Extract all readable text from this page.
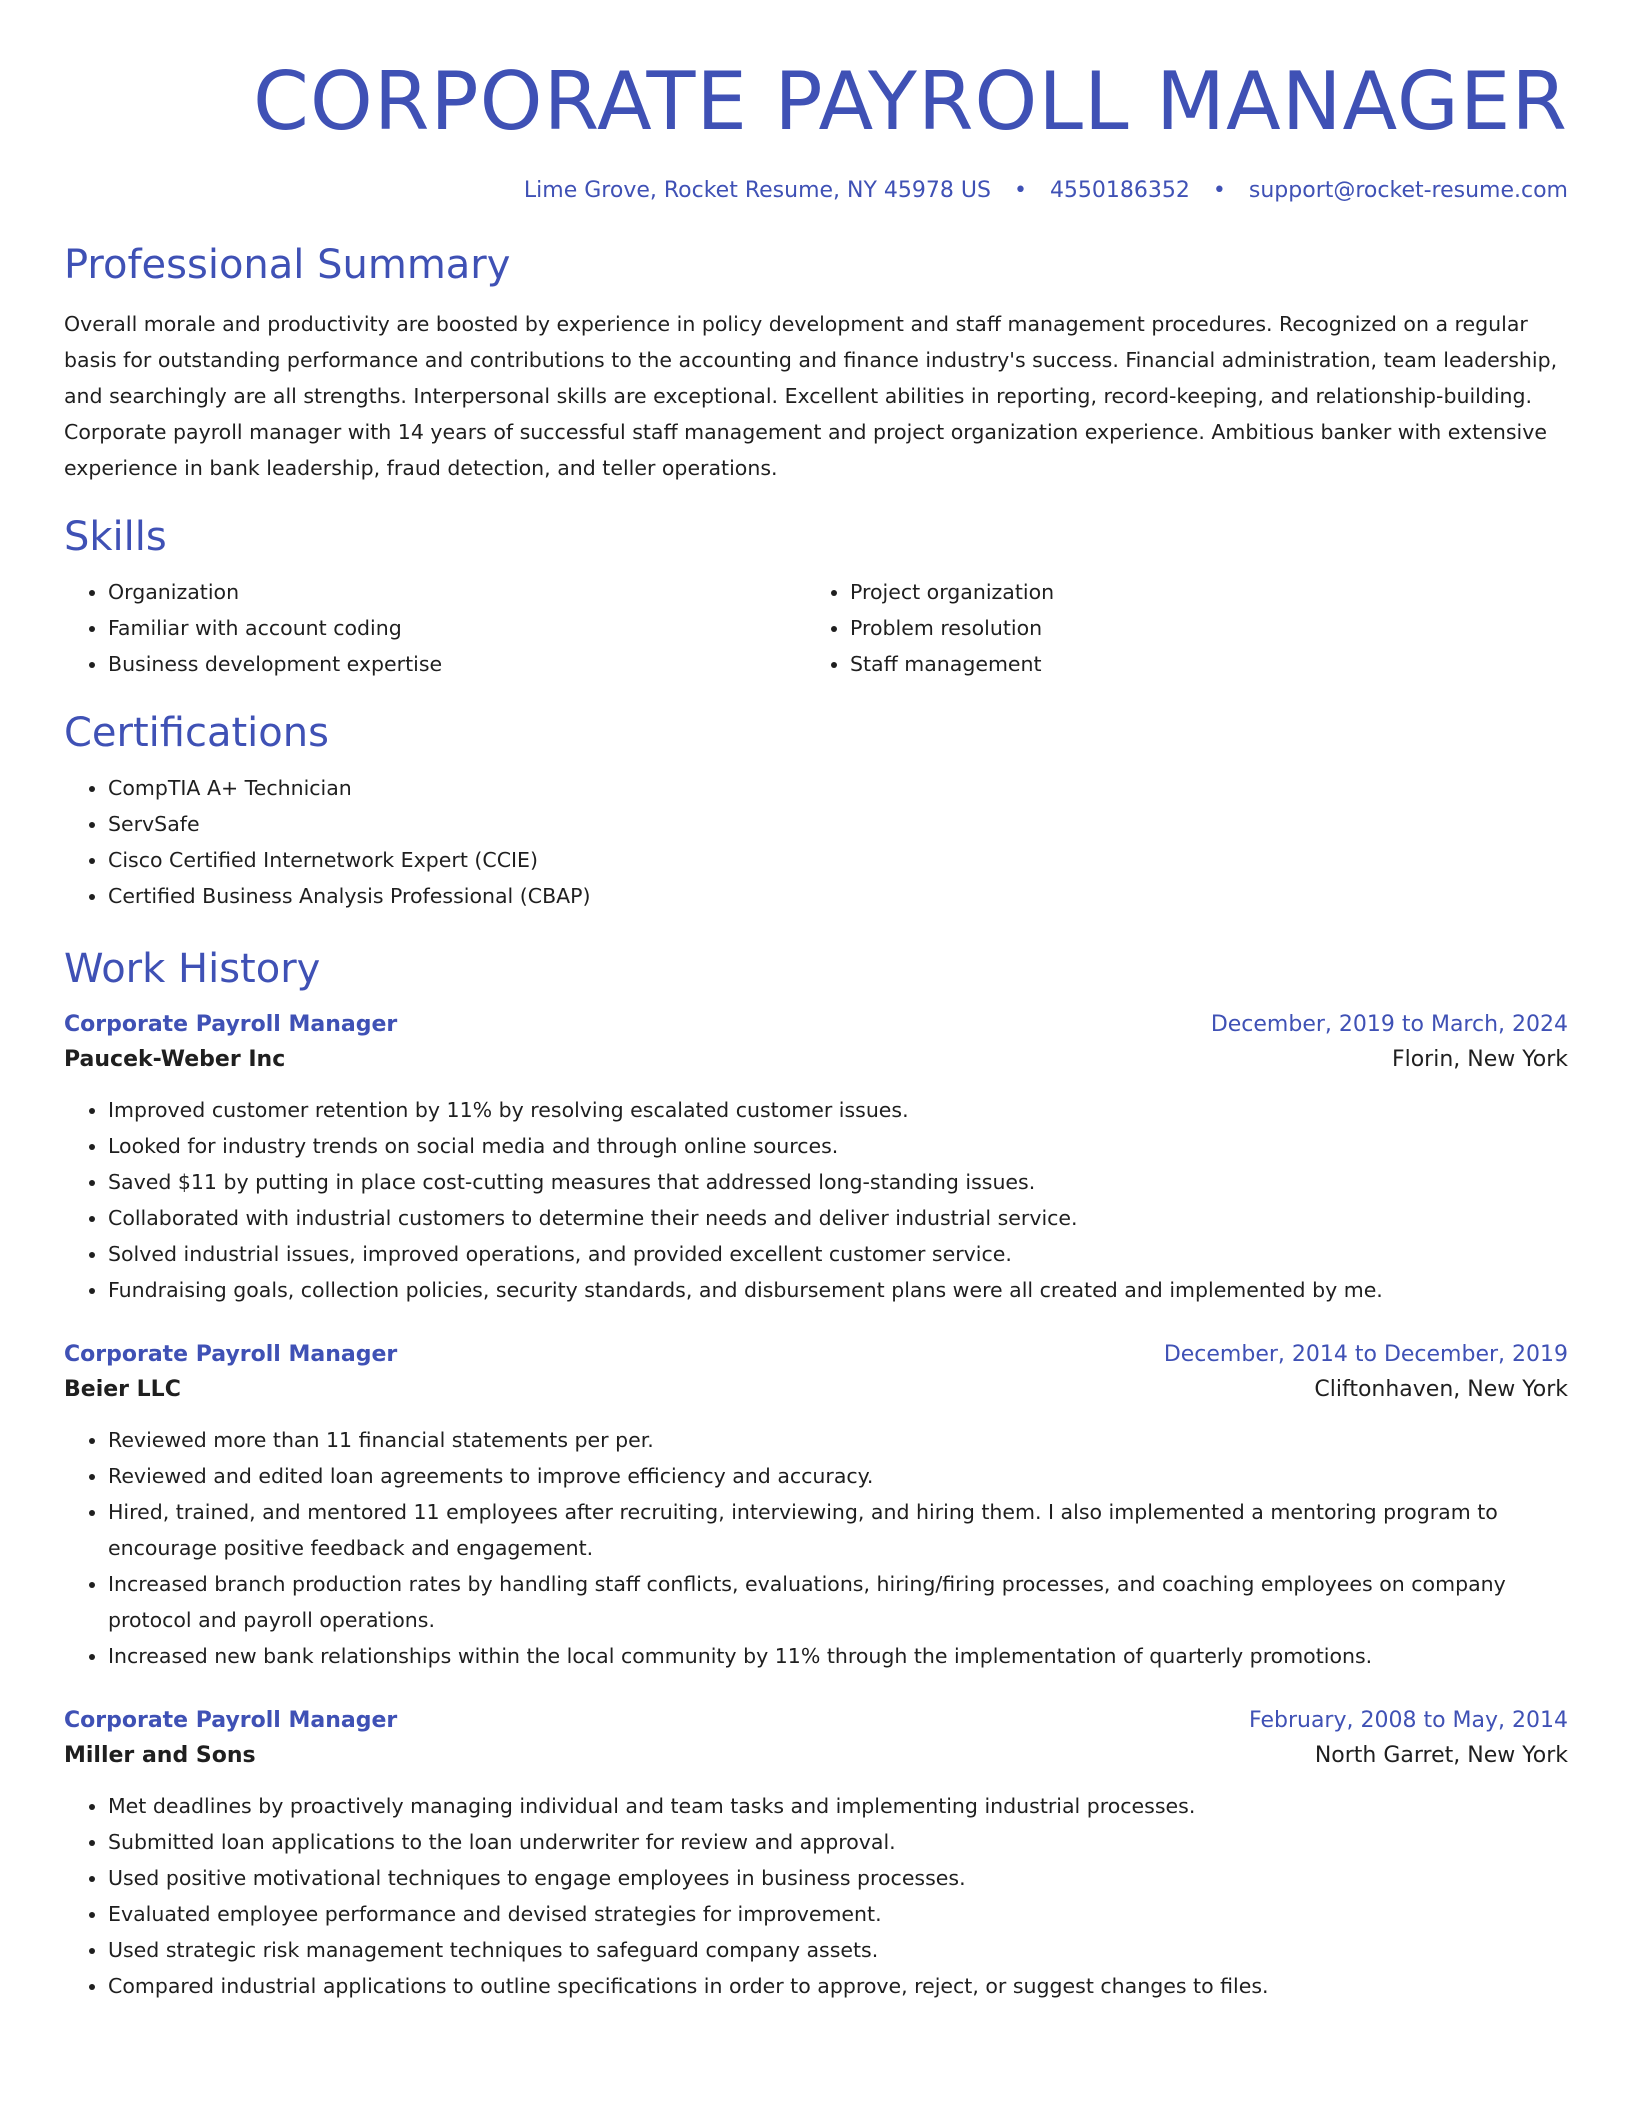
CORPORATE PAYROLL MANAGER
Lime Grove, Rocket Resume, NY 45978 US • 4550186352 • support@rocket-resume.com
Professional Summary

Overall morale and productivity are boosted by experience in policy development and staff management procedures. Recognized on a regular basis for outstanding performance and contributions to the accounting and finance industry's success. Financial administration, team leadership, and searchingly are all strengths. Interpersonal skills are exceptional. Excellent abilities in reporting, record-keeping, and relationship-building. Corporate payroll manager with 14 years of successful staff management and project organization experience. Ambitious banker with extensive experience in bank leadership, fraud detection, and teller operations.

Skills
• Organization
• Familiar with account coding
• Business development expertise
• Project organization
• Problem resolution
• Staff management
Certifications
• CompTIA A+ Technician
• ServSafe
• Cisco Certified Internetwork Expert (CCIE)
• Certified Business Analysis Professional (CBAP)
Work History
Corporate Payroll Manager	December, 2019 to March, 2024
Paucek-Weber Inc	Florin, New York
• Improved customer retention by 11% by resolving escalated customer issues.
• Looked for industry trends on social media and through online sources.
• Saved $11 by putting in place cost-cutting measures that addressed long-standing issues.
• Collaborated with industrial customers to determine their needs and deliver industrial service.
• Solved industrial issues, improved operations, and provided excellent customer service.
• Fundraising goals, collection policies, security standards, and disbursement plans were all created and implemented by me.
Corporate Payroll Manager	December, 2014 to December, 2019
Beier LLC	Cliftonhaven, New York
• Reviewed more than 11 financial statements per per.
• Reviewed and edited loan agreements to improve efficiency and accuracy.
• Hired, trained, and mentored 11 employees after recruiting, interviewing, and hiring them. I also implemented a mentoring program to encourage positive feedback and engagement.
• Increased branch production rates by handling staff conflicts, evaluations, hiring/firing processes, and coaching employees on company protocol and payroll operations.
• Increased new bank relationships within the local community by 11% through the implementation of quarterly promotions.
Corporate Payroll Manager	February, 2008 to May, 2014
Miller and Sons	North Garret, New York
• Met deadlines by proactively managing individual and team tasks and implementing industrial processes.
• Submitted loan applications to the loan underwriter for review and approval.
• Used positive motivational techniques to engage employees in business processes.
• Evaluated employee performance and devised strategies for improvement.
• Used strategic risk management techniques to safeguard company assets.
• Compared industrial applications to outline specifications in order to approve, reject, or suggest changes to files.
